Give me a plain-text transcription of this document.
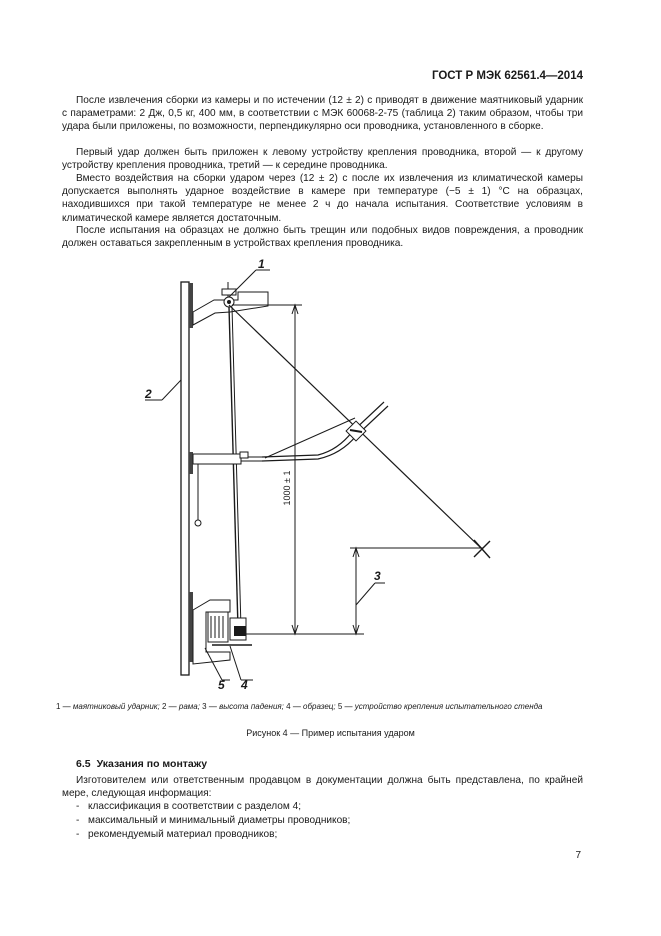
ГОСТ Р МЭК 62561.4—2014

После извлечения сборки из камеры и по истечении (12 ± 2) с приводят в движение маятниковый ударник с параметрами: 2 Дж, 0,5 кг, 400 мм, в соответствии с МЭК 60068-2-75 (таблица 2) таким образом, чтобы три удара были приложены, по возможности, перпендикулярно оси проводника, установленного в сборке.

Первый удар должен быть приложен к левому устройству крепления проводника, второй — к другому устройству крепления проводника, третий — к середине проводника.

Вместо воздействия на сборки ударом через (12 ± 2) с после их извлечения из климатической камеры допускается выполнять ударное воздействие в камере при температуре (−5 ± 1) °С на образцах, находившихся при такой температуре не менее 2 ч до начала испытания. Соответствие условиям в климатической камере является достаточным.

После испытания на образцах не должно быть трещин или подобных видов повреждения, а проводник должен оставаться закрепленным в устройствах крепления проводника.

1
2
3
4
5
1000 ± 1
1 — маятниковый ударник; 2 — рама; 3 — высота падения; 4 — образец; 5 — устройство крепления испытательного стенда
Рисунок 4 — Пример испытания ударом
6.5 Указания по монтажу

Изготовителем или ответственным продавцом в документации должна быть представлена, по крайней мере, следующая информация:

- классификация в соответствии с разделом 4;
- максимальный и минимальный диаметры проводников;
- рекомендуемый материал проводников;
7
